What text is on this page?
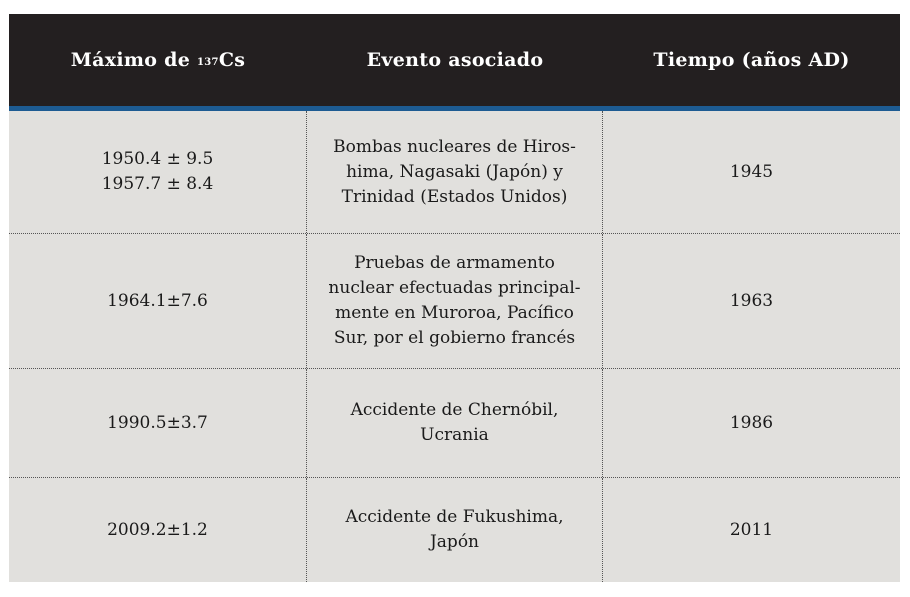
Máximo de
$^{137}$ Cs	Evento asociado	Tiempo (años AD)
1950.4 ± 9.5
1957.7 ± 8.4
Bombas nucleares de Hiros-
hima, Nagasaki (Japón) y
Trinidad (Estados Unidos)
1945
1964.1±7.6
Pruebas de armamento
nuclear efectuadas principal-
mente en Muroroa, Pacífico
Sur, por el gobierno francés
1963
1990.5±3.7
Accidente de Chernóbil,
Ucrania
1986
2009.2±1.2
Accidente de Fukushima,
Japón
2011
